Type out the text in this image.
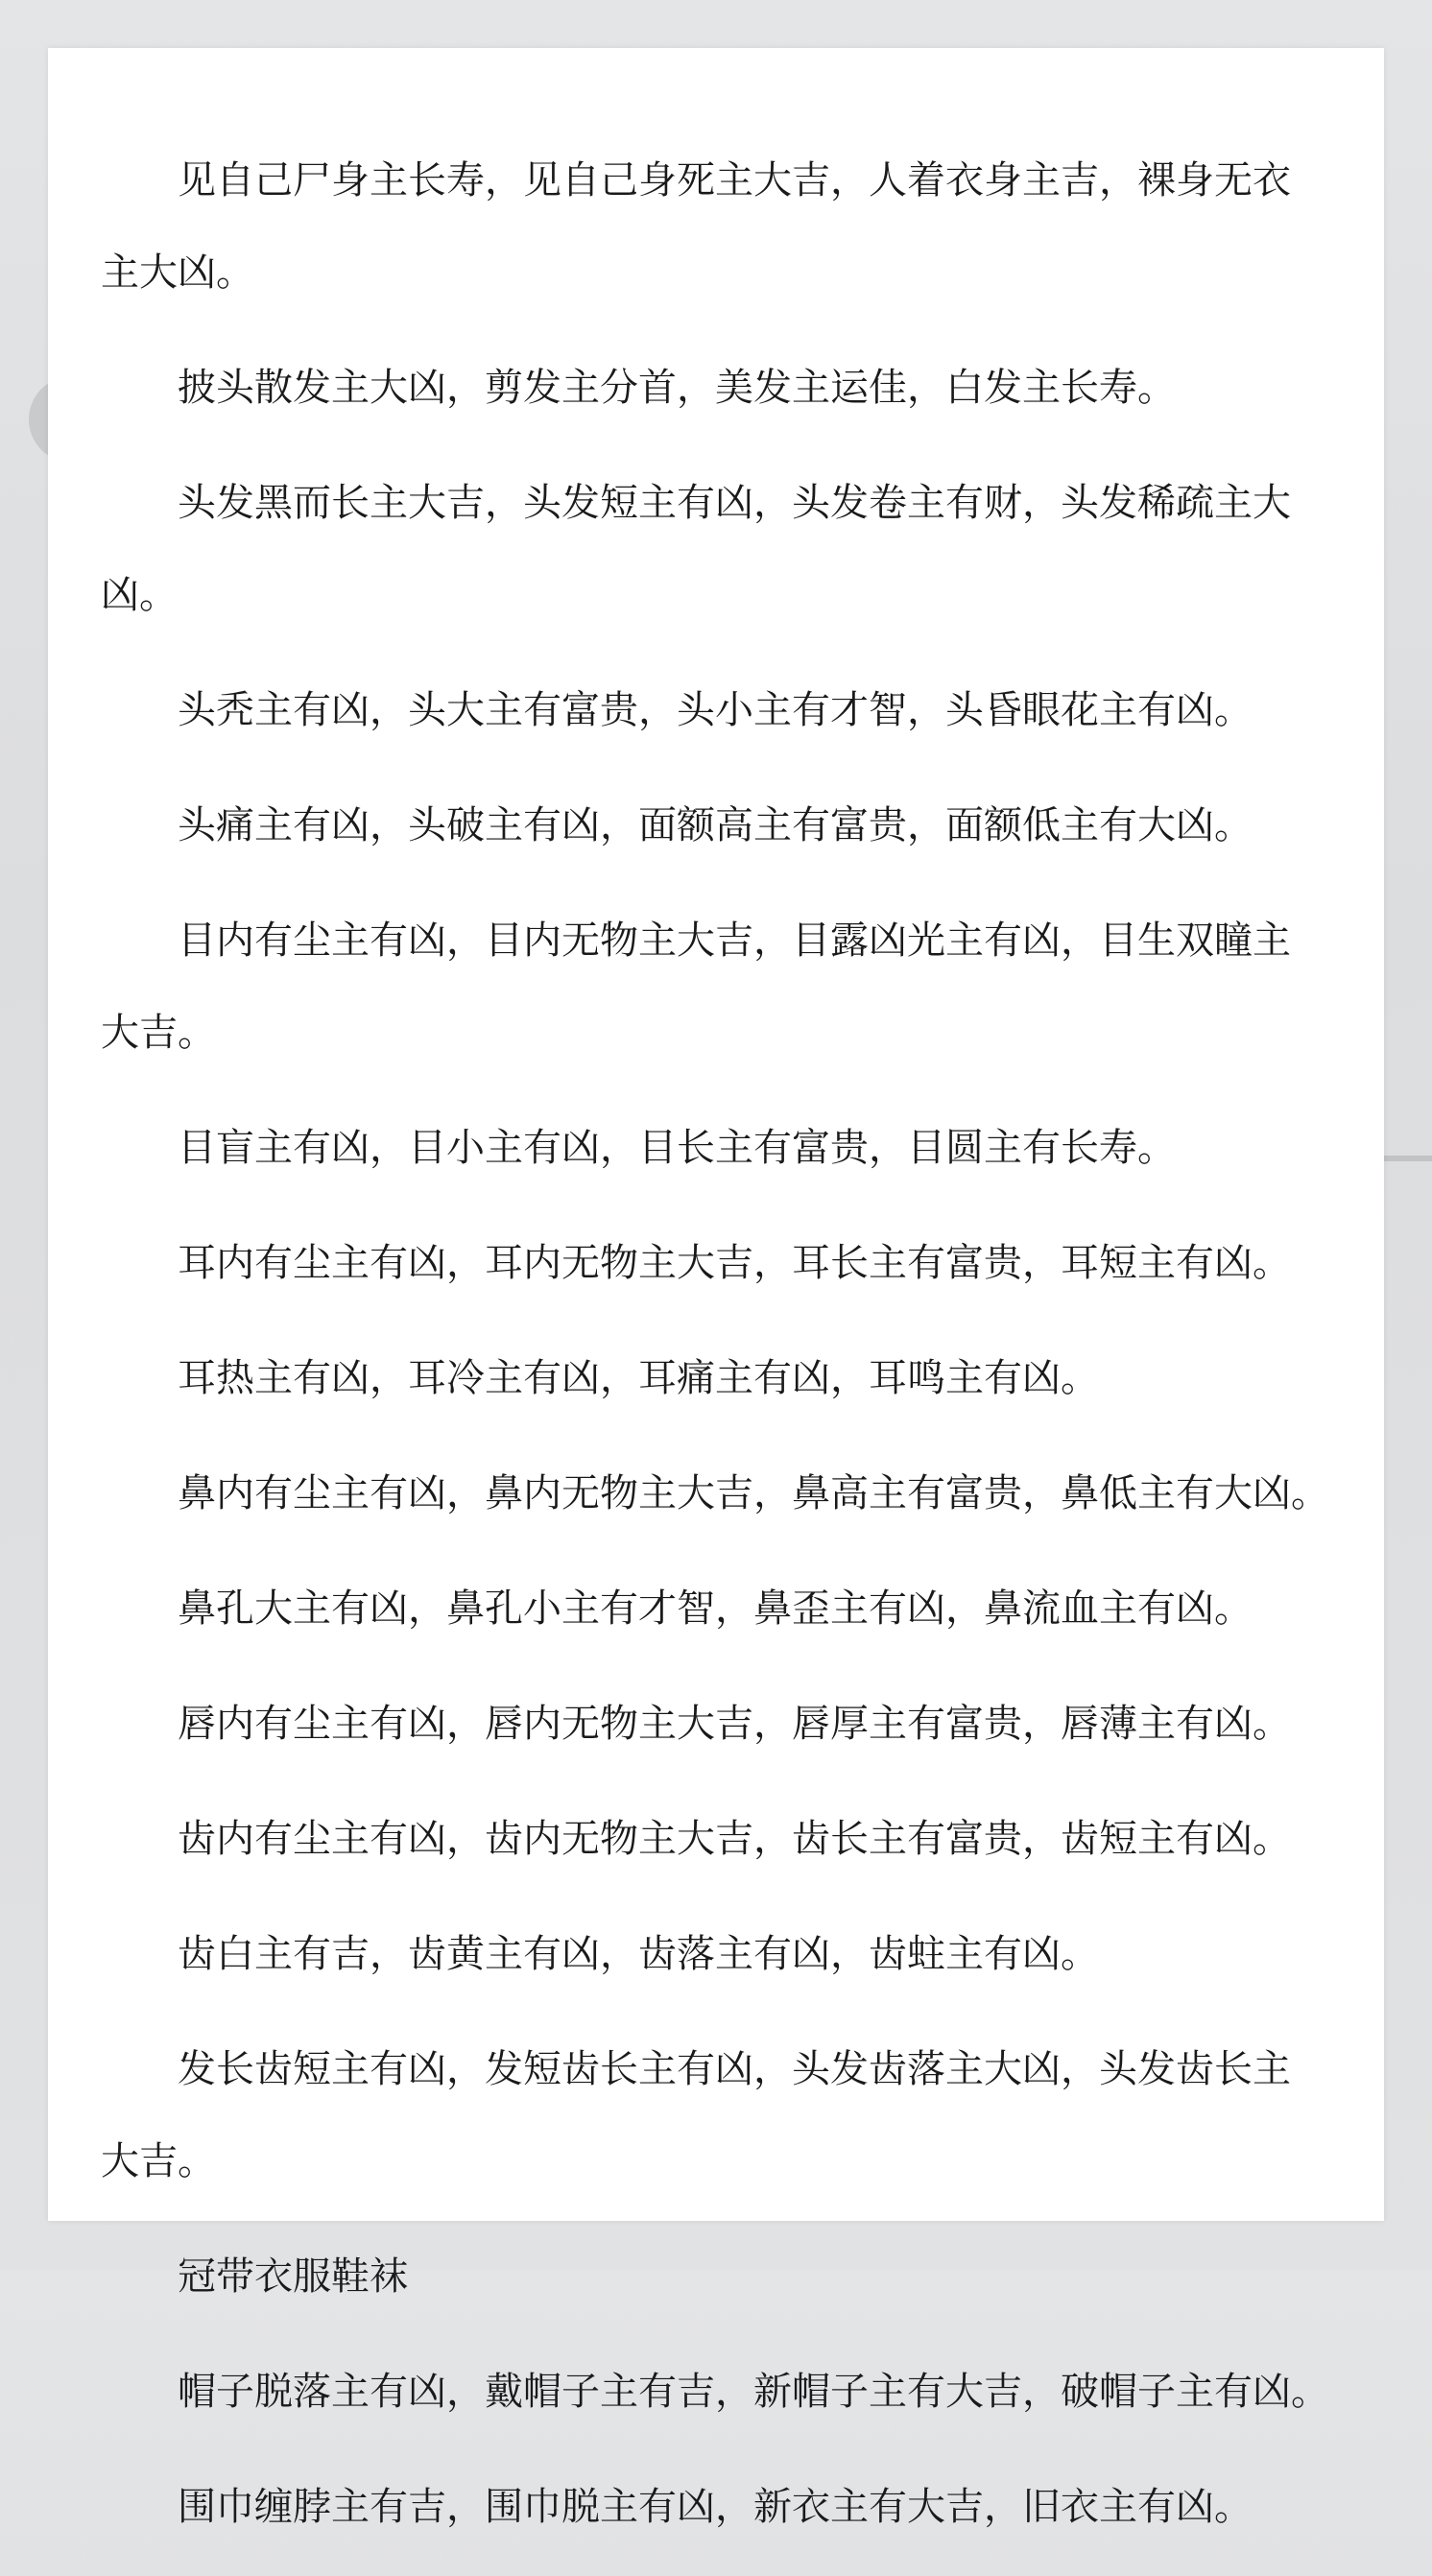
见自己尸身主长寿，见自己身死主大吉，人着衣身主吉，裸身无衣主大凶。

披头散发主大凶，剪发主分首，美发主运佳，白发主长寿。

头发黑而长主大吉，头发短主有凶，头发卷主有财，头发稀疏主大凶。

头秃主有凶，头大主有富贵，头小主有才智，头昏眼花主有凶。

头痛主有凶，头破主有凶，面额高主有富贵，面额低主有大凶。

目内有尘主有凶，目内无物主大吉，目露凶光主有凶，目生双瞳主大吉。

目盲主有凶，目小主有凶，目长主有富贵，目圆主有长寿。

耳内有尘主有凶，耳内无物主大吉，耳长主有富贵，耳短主有凶。

耳热主有凶，耳冷主有凶，耳痛主有凶，耳鸣主有凶。

鼻内有尘主有凶，鼻内无物主大吉，鼻高主有富贵，鼻低主有大凶。

鼻孔大主有凶，鼻孔小主有才智，鼻歪主有凶，鼻流血主有凶。

唇内有尘主有凶，唇内无物主大吉，唇厚主有富贵，唇薄主有凶。

齿内有尘主有凶，齿内无物主大吉，齿长主有富贵，齿短主有凶。

齿白主有吉，齿黄主有凶，齿落主有凶，齿蛀主有凶。

发长齿短主有凶，发短齿长主有凶，头发齿落主大凶，头发齿长主大吉。

冠带衣服鞋袜

帽子脱落主有凶，戴帽子主有吉，新帽子主有大吉，破帽子主有凶。

围巾缠脖主有吉，围巾脱主有凶，新衣主有大吉，旧衣主有凶。
